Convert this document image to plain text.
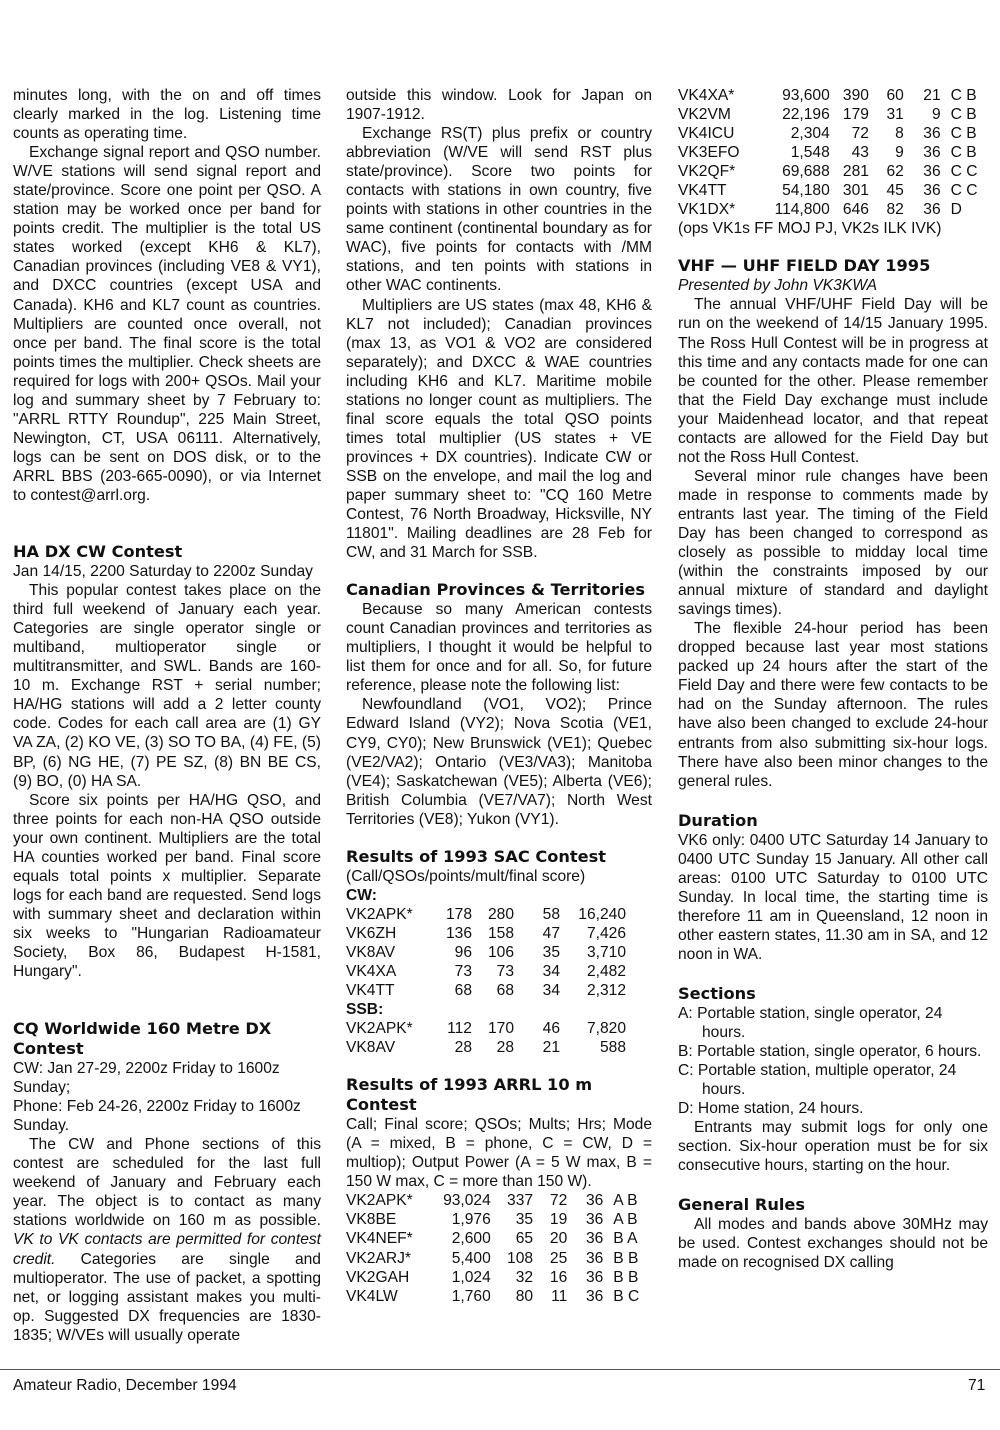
minutes long, with the on and off times clearly marked in the log. Listening time counts as operating time.

Exchange signal report and QSO number. W/VE stations will send signal report and state/province. Score one point per QSO. A station may be worked once per band for points credit. The multiplier is the total US states worked (except KH6 & KL7), Canadian provinces (including VE8 & VY1), and DXCC countries (except USA and Canada). KH6 and KL7 count as countries. Multipliers are counted once overall, not once per band. The final score is the total points times the multiplier. Check sheets are required for logs with 200+ QSOs. Mail your log and summary sheet by 7 February to: "ARRL RTTY Roundup", 225 Main Street, Newington, CT, USA 06111. Alternatively, logs can be sent on DOS disk, or to the ARRL BBS (203-665-0090), or via Internet to contest@arrl.org.

HA DX CW Contest

Jan 14/15, 2200 Saturday to 2200z Sunday

This popular contest takes place on the third full weekend of January each year. Categories are single operator single or multiband, multioperator single or multitransmitter, and SWL. Bands are 160-10 m. Exchange RST + serial number; HA/HG stations will add a 2 letter county code. Codes for each call area are (1) GY VA ZA, (2) KO VE, (3) SO TO BA, (4) FE, (5) BP, (6) NG HE, (7) PE SZ, (8) BN BE CS, (9) BO, (0) HA SA.

Score six points per HA/HG QSO, and three points for each non-HA QSO outside your own continent. Multipliers are the total HA counties worked per band. Final score equals total points x multiplier. Separate logs for each band are requested. Send logs with summary sheet and declaration within six weeks to "Hungarian Radioamateur Society, Box 86, Budapest H-1581, Hungary".

CQ Worldwide 160 Metre DX Contest

CW: Jan 27-29, 2200z Friday to 1600z Sunday;

Phone: Feb 24-26, 2200z Friday to 1600z Sunday.

The CW and Phone sections of this contest are scheduled for the last full weekend of January and February each year. The object is to contact as many stations worldwide on 160 m as possible. VK to VK contacts are permitted for contest credit. Categories are single and multioperator. The use of packet, a spotting net, or logging assistant makes you multi-op. Suggested DX frequencies are 1830-1835; W/VEs will usually operate

outside this window. Look for Japan on 1907-1912.

Exchange RS(T) plus prefix or country abbreviation (W/VE will send RST plus state/province). Score two points for contacts with stations in own country, five points with stations in other countries in the same continent (continental boundary as for WAC), five points for contacts with /MM stations, and ten points with stations in other WAC continents.

Multipliers are US states (max 48, KH6 & KL7 not included); Canadian provinces (max 13, as VO1 & VO2 are considered separately); and DXCC & WAE countries including KH6 and KL7. Maritime mobile stations no longer count as multipliers. The final score equals the total QSO points times total multiplier (US states + VE provinces + DX countries). Indicate CW or SSB on the envelope, and mail the log and paper summary sheet to: "CQ 160 Metre Contest, 76 North Broadway, Hicksville, NY 11801". Mailing deadlines are 28 Feb for CW, and 31 March for SSB.

Canadian Provinces & Territories

Because so many American contests count Canadian provinces and territories as multipliers, I thought it would be helpful to list them for once and for all. So, for future reference, please note the following list:

Newfoundland (VO1, VO2); Prince Edward Island (VY2); Nova Scotia (VE1, CY9, CY0); New Brunswick (VE1); Quebec (VE2/VA2); Ontario (VE3/VA3); Manitoba (VE4); Saskatchewan (VE5); Alberta (VE6); British Columbia (VE7/VA7); North West Territories (VE8); Yukon (VY1).

Results of 1993 SAC Contest

(Call/QSOs/points/mult/final score)

CW:
VK2APK*	178	280	58	16,240
VK6ZH	136	158	47	7,426
VK8AV	96	106	35	3,710
VK4XA	73	73	34	2,482
VK4TT	68	68	34	2,312
SSB:
VK2APK*	112	170	46	7,820
VK8AV	28	28	21	588
Results of 1993 ARRL 10 m Contest

Call; Final score; QSOs; Mults; Hrs; Mode (A = mixed, B = phone, C = CW, D = multiop); Output Power (A = 5 W max, B = 150 W max, C = more than 150 W).

VK2APK*	93,024	337	72	36	A B
VK8BE	1,976	35	19	36	A B
VK4NEF*	2,600	65	20	36	B A
VK2ARJ*	5,400	108	25	36	B B
VK2GAH	1,024	32	16	36	B B
VK4LW	1,760	80	11	36	B C
VK4XA*	93,600	390	60	21	C B
VK2VM	22,196	179	31	9	C B
VK4ICU	2,304	72	8	36	C B
VK3EFO	1,548	43	9	36	C B
VK2QF*	69,688	281	62	36	C C
VK4TT	54,180	301	45	36	C C
VK1DX*	114,800	646	82	36	D

(ops VK1s FF MOJ PJ, VK2s ILK IVK)

VHF — UHF FIELD DAY 1995

Presented by John VK3KWA

The annual VHF/UHF Field Day will be run on the weekend of 14/15 January 1995. The Ross Hull Contest will be in progress at this time and any contacts made for one can be counted for the other. Please remember that the Field Day exchange must include your Maidenhead locator, and that repeat contacts are allowed for the Field Day but not the Ross Hull Contest.

Several minor rule changes have been made in response to comments made by entrants last year. The timing of the Field Day has been changed to correspond as closely as possible to midday local time (within the constraints imposed by our annual mixture of standard and daylight savings times).

The flexible 24-hour period has been dropped because last year most stations packed up 24 hours after the start of the Field Day and there were few contacts to be had on the Sunday afternoon. The rules have also been changed to exclude 24-hour entrants from also submitting six-hour logs. There have also been minor changes to the general rules.

Duration

VK6 only: 0400 UTC Saturday 14 January to 0400 UTC Sunday 15 January. All other call areas: 0100 UTC Saturday to 0100 UTC Sunday. In local time, the starting time is therefore 11 am in Queensland, 12 noon in other eastern states, 11.30 am in SA, and 12 noon in WA.

Sections

A: Portable station, single operator, 24 hours.

B: Portable station, single operator, 6 hours.

C: Portable station, multiple operator, 24 hours.

D: Home station, 24 hours.

Entrants may submit logs for only one section. Six-hour operation must be for six consecutive hours, starting on the hour.

General Rules

All modes and bands above 30MHz may be used. Contest exchanges should not be made on recognised DX calling

Amateur Radio, December 1994	71
